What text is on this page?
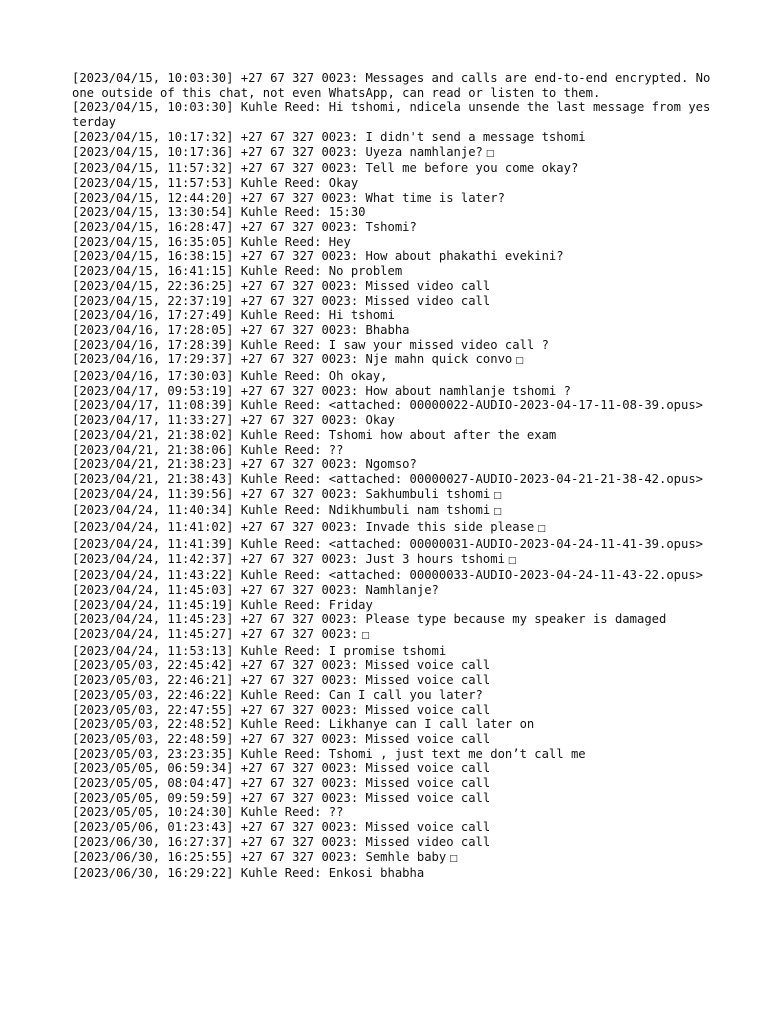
[2023/04/15, 10:03:30] +27 67 327 0023: Messages and calls are end-to-end encrypted. No one outside of this chat, not even WhatsApp, can read or listen to them.
[2023/04/15, 10:03:30] Kuhle Reed: Hi tshomi, ndicela unsende the last message from yesterday
[2023/04/15, 10:17:32] +27 67 327 0023: I didn't send a message tshomi
[2023/04/15, 10:17:36] +27 67 327 0023: Uyeza namhlanje? □
[2023/04/15, 11:57:32] +27 67 327 0023: Tell me before you come okay?
[2023/04/15, 11:57:53] Kuhle Reed: Okay
[2023/04/15, 12:44:20] +27 67 327 0023: What time is later?
[2023/04/15, 13:30:54] Kuhle Reed: 15:30
[2023/04/15, 16:28:47] +27 67 327 0023: Tshomi?
[2023/04/15, 16:35:05] Kuhle Reed: Hey
[2023/04/15, 16:38:15] +27 67 327 0023: How about phakathi evekini?
[2023/04/15, 16:41:15] Kuhle Reed: No problem
[2023/04/15, 22:36:25] +27 67 327 0023: Missed video call
[2023/04/15, 22:37:19] +27 67 327 0023: Missed video call
[2023/04/16, 17:27:49] Kuhle Reed: Hi tshomi
[2023/04/16, 17:28:05] +27 67 327 0023: Bhabha
[2023/04/16, 17:28:39] Kuhle Reed: I saw your missed video call ?
[2023/04/16, 17:29:37] +27 67 327 0023: Nje mahn quick convo □
[2023/04/16, 17:30:03] Kuhle Reed: Oh okay,
[2023/04/17, 09:53:19] +27 67 327 0023: How about namhlanje tshomi ?
[2023/04/17, 11:08:39] Kuhle Reed: <attached: 00000022-AUDIO-2023-04-17-11-08-39.opus>
[2023/04/17, 11:33:27] +27 67 327 0023: Okay
[2023/04/21, 21:38:02] Kuhle Reed: Tshomi how about after the exam
[2023/04/21, 21:38:06] Kuhle Reed: ??
[2023/04/21, 21:38:23] +27 67 327 0023: Ngomso?
[2023/04/21, 21:38:43] Kuhle Reed: <attached: 00000027-AUDIO-2023-04-21-21-38-42.opus>
[2023/04/24, 11:39:56] +27 67 327 0023: Sakhumbuli tshomi □
[2023/04/24, 11:40:34] Kuhle Reed: Ndikhumbuli nam tshomi □
[2023/04/24, 11:41:02] +27 67 327 0023: Invade this side please □
[2023/04/24, 11:41:39] Kuhle Reed: <attached: 00000031-AUDIO-2023-04-24-11-41-39.opus>
[2023/04/24, 11:42:37] +27 67 327 0023: Just 3 hours tshomi □
[2023/04/24, 11:43:22] Kuhle Reed: <attached: 00000033-AUDIO-2023-04-24-11-43-22.opus>
[2023/04/24, 11:45:03] +27 67 327 0023: Namhlanje?
[2023/04/24, 11:45:19] Kuhle Reed: Friday
[2023/04/24, 11:45:23] +27 67 327 0023: Please type because my speaker is damaged
[2023/04/24, 11:45:27] +27 67 327 0023: □
[2023/04/24, 11:53:13] Kuhle Reed: I promise tshomi
[2023/05/03, 22:45:42] +27 67 327 0023: Missed voice call
[2023/05/03, 22:46:21] +27 67 327 0023: Missed voice call
[2023/05/03, 22:46:22] Kuhle Reed: Can I call you later?
[2023/05/03, 22:47:55] +27 67 327 0023: Missed voice call
[2023/05/03, 22:48:52] Kuhle Reed: Likhanye can I call later on
[2023/05/03, 22:48:59] +27 67 327 0023: Missed voice call
[2023/05/03, 23:23:35] Kuhle Reed: Tshomi , just text me don’t call me
[2023/05/05, 06:59:34] +27 67 327 0023: Missed voice call
[2023/05/05, 08:04:47] +27 67 327 0023: Missed voice call
[2023/05/05, 09:59:59] +27 67 327 0023: Missed voice call
[2023/05/05, 10:24:30] Kuhle Reed: ??
[2023/05/06, 01:23:43] +27 67 327 0023: Missed voice call
[2023/06/30, 16:27:37] +27 67 327 0023: Missed video call
[2023/06/30, 16:25:55] +27 67 327 0023: Semhle baby □
[2023/06/30, 16:29:22] Kuhle Reed: Enkosi bhabha
